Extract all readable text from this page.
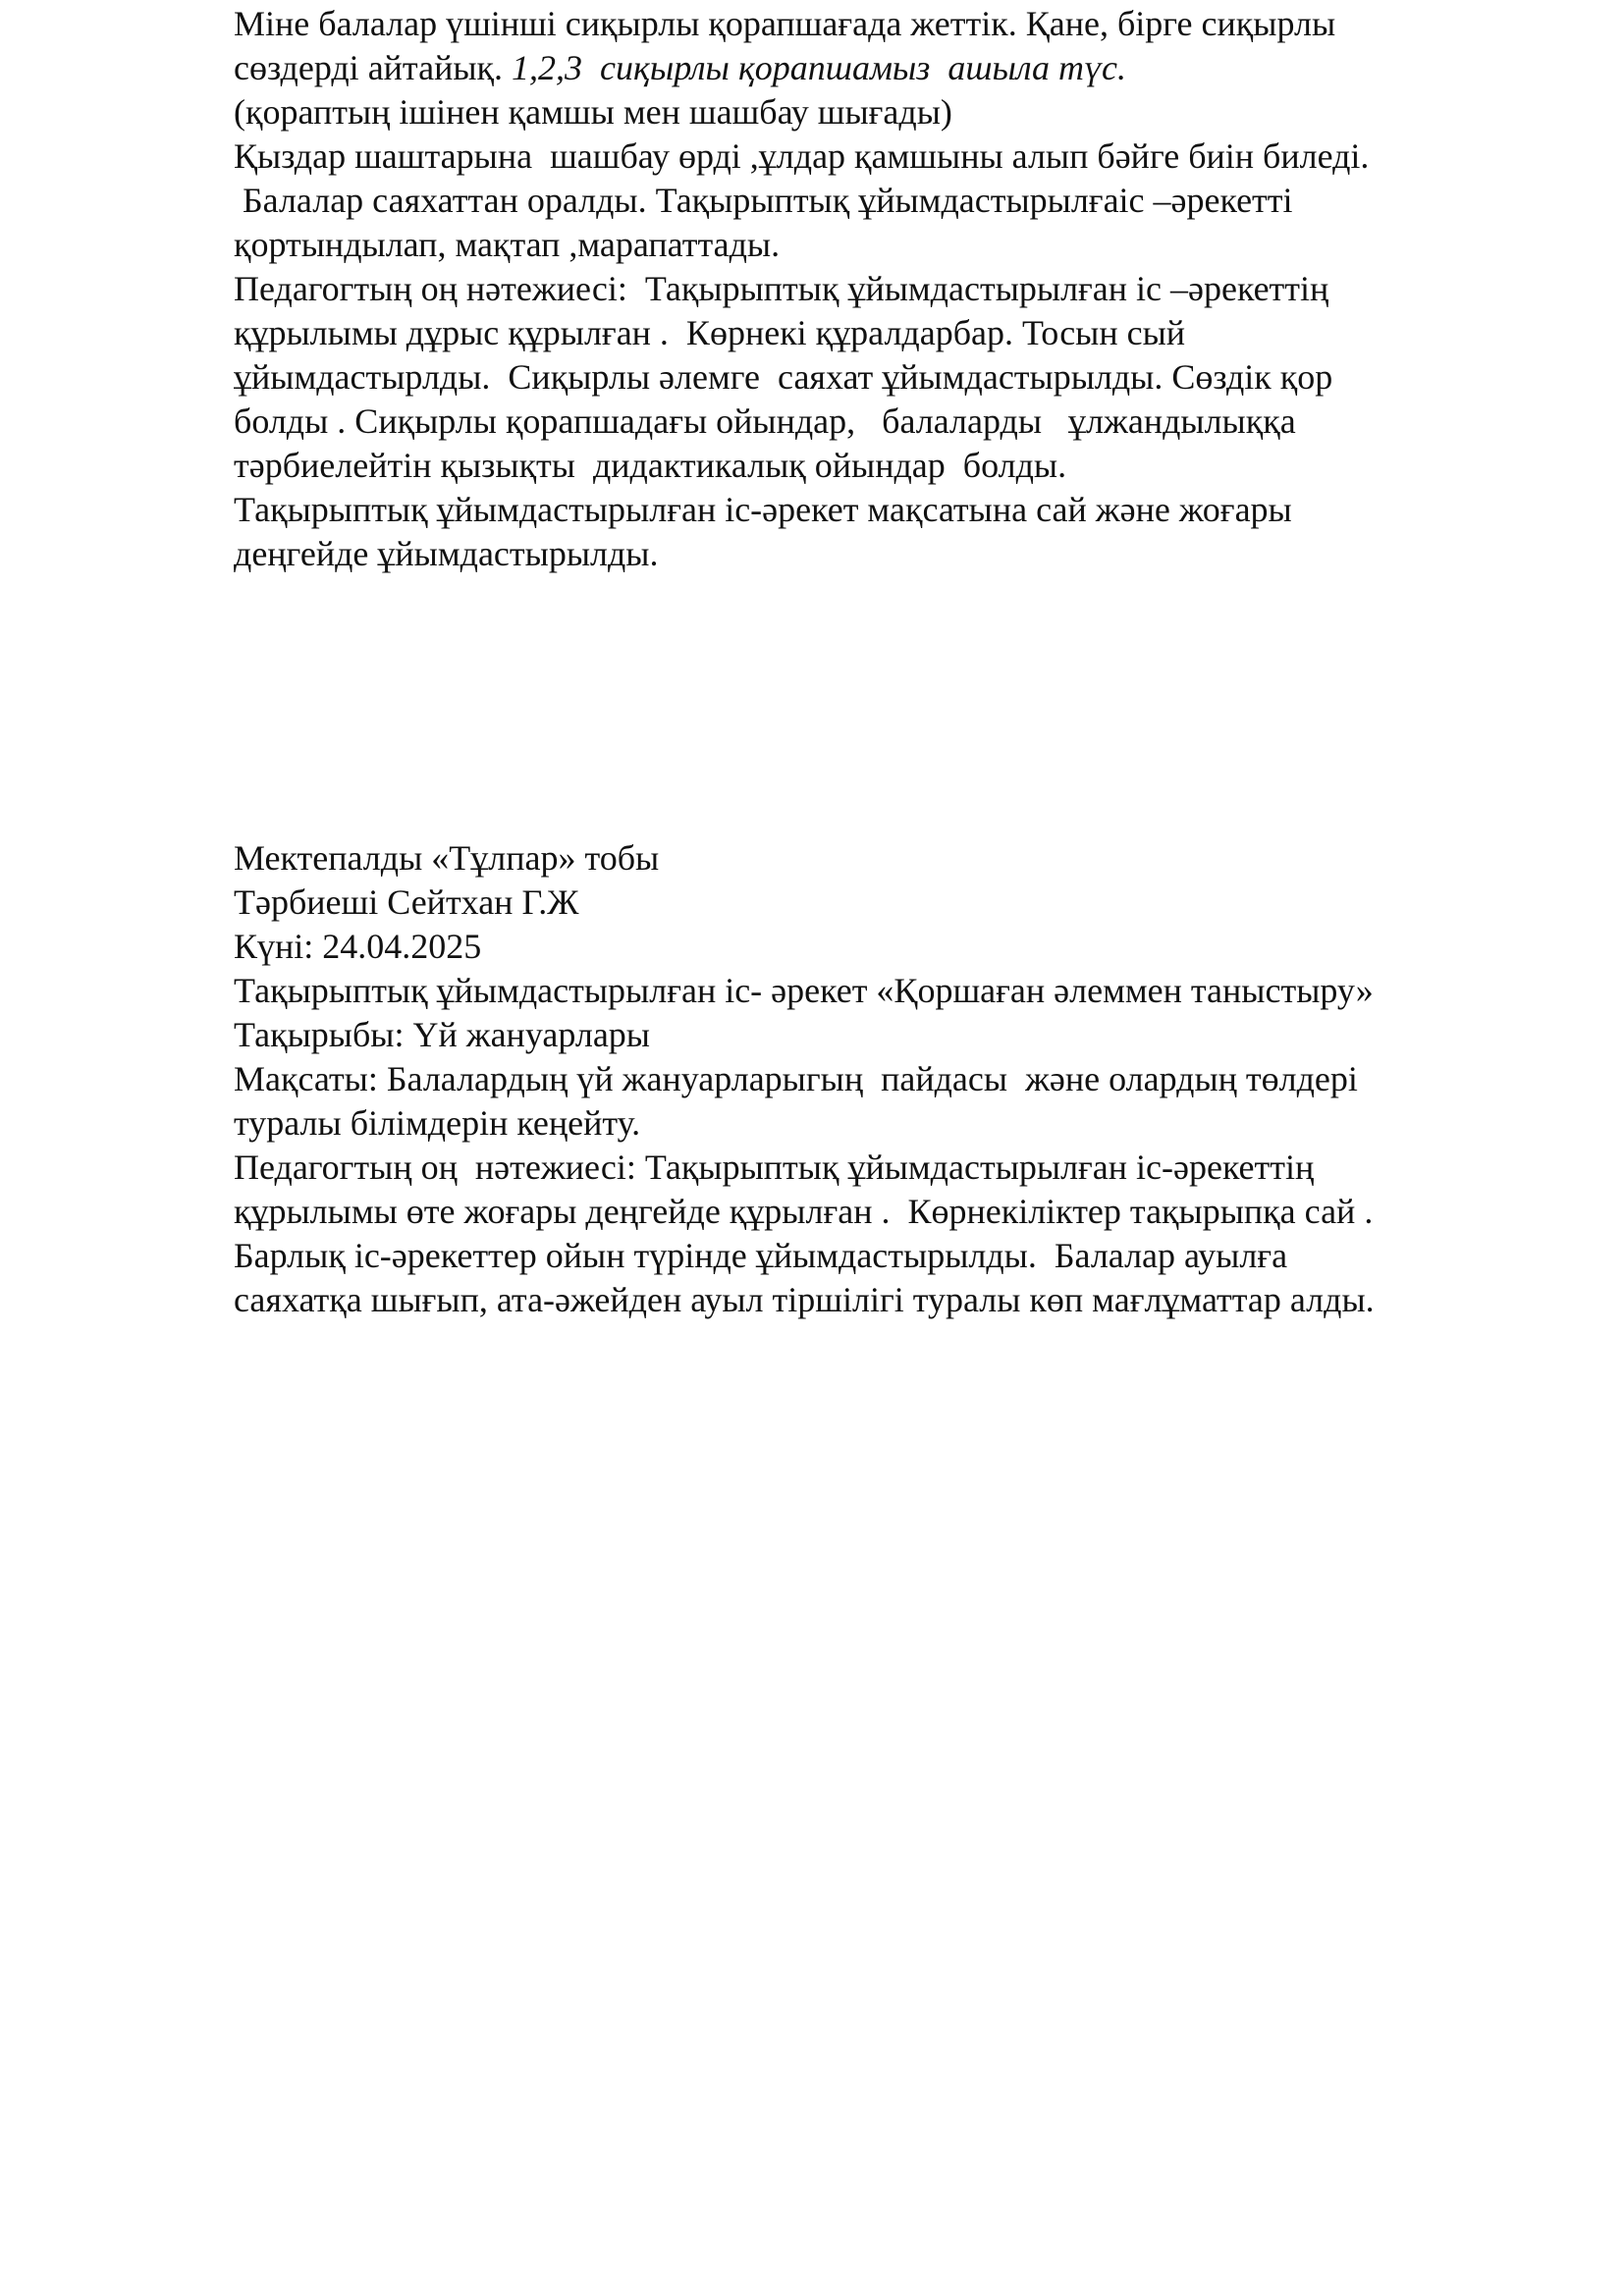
Міне балалар үшінші сиқырлы қорапшағада жеттік. Қане, бірге сиқырлы
сөздерді айтайық. 1,2,3  сиқырлы қорапшамыз  ашыла түс.
(қораптың ішінен қамшы мен шашбау шығады)
Қыздар шаштарына  шашбау өрді ,ұлдар қамшыны алып бәйге биін биледі.
Балалар саяхаттан оралды. Тақырыптық ұйымдастырылғаіс –әрекетті
қортындылап, мақтап ,марапаттады.
Педагогтың оң нәтежиесі:  Тақырыптық ұйымдастырылған іс –әрекеттің
құрылымы дұрыс құрылған .  Көрнекі құралдарбар. Тосын сый
ұйымдастырлды.  Сиқырлы әлемге  саяхат ұйымдастырылды. Сөздік қор
болды . Сиқырлы қорапшадағы ойындар,   балаларды   ұлжандылыққа
тәрбиелейтін қызықты  дидактикалық ойындар  болды.
Тақырыптық ұйымдастырылған іс-әрекет мақсатына сай және жоғары
деңгейде ұйымдастырылды.
Мектепалды «Тұлпар» тобы
Тәрбиеші Сейтхан Г.Ж
Күні: 24.04.2025
Тақырыптық ұйымдастырылған іс- әрекет «Қоршаған әлеммен таныстыру»
Тақырыбы: Үй жануарлары
Мақсаты: Балалардың үй жануарларыгың  пайдасы  және олардың төлдері
туралы білімдерін кеңейту.
Педагогтың оң  нәтежиесі: Тақырыптық ұйымдастырылған іс-әрекеттің
құрылымы өте жоғары деңгейде құрылған .  Көрнекіліктер тақырыпқа сай .
Барлық іс-әрекеттер ойын түрінде ұйымдастырылды.  Балалар ауылға
саяхатқа шығып, ата-әжейден ауыл тіршілігі туралы көп мағлұматтар алды.
